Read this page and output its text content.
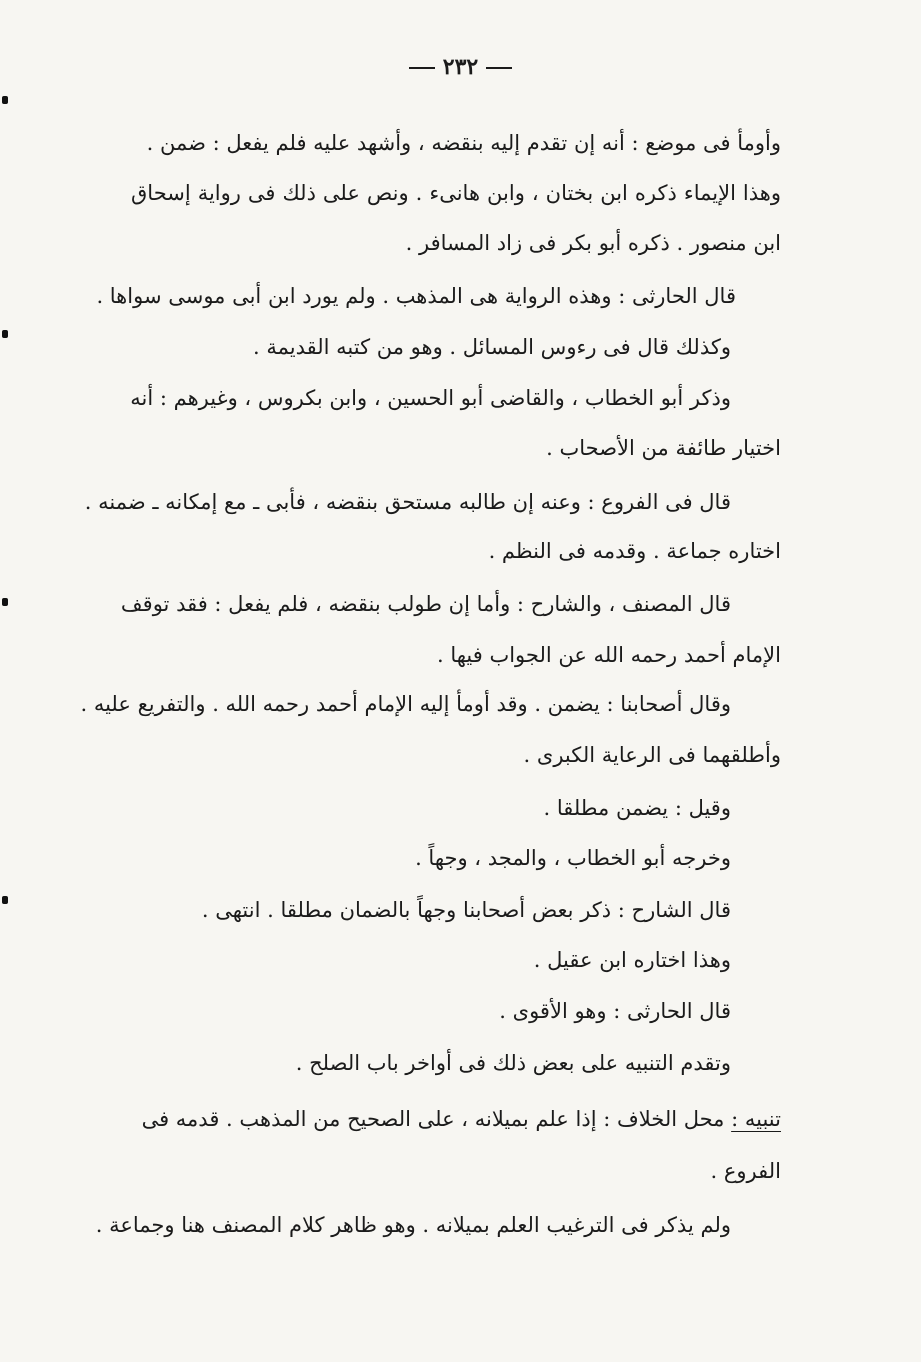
٢٣٢
وأومأ فى موضع : أنه إن تقدم إليه بنقضه ، وأشهد عليه فلم يفعل : ضمن .
وهذا الإيماء ذكره ابن بختان ، وابن هانىء . ونص على ذلك فى رواية إسحاق
ابن منصور . ذكره أبو بكر فى زاد المسافر .
قال الحارثى : وهذه الرواية هى المذهب . ولم يورد ابن أبى موسى سواها .
وكذلك قال فى رءوس المسائل . وهو من كتبه القديمة .
وذكر أبو الخطاب ، والقاضى أبو الحسين ، وابن بكروس ، وغيرهم : أنه
اختيار طائفة من الأصحاب .
قال فى الفروع : وعنه إن طالبه مستحق بنقضه ، فأبى ـ مع إمكانه ـ ضمنه .
اختاره جماعة . وقدمه فى النظم .
قال المصنف ، والشارح : وأما إن طولب بنقضه ، فلم يفعل : فقد توقف
الإمام أحمد رحمه الله عن الجواب فيها .
وقال أصحابنا : يضمن . وقد أومأ إليه الإمام أحمد رحمه الله . والتفريع عليه .
وأطلقهما فى الرعاية الكبرى .
وقيل : يضمن مطلقا .
وخرجه أبو الخطاب ، والمجد ، وجهاً .
قال الشارح : ذكر بعض أصحابنا وجهاً بالضمان مطلقا . انتهى .
وهذا اختاره ابن عقيل .
قال الحارثى : وهو الأقوى .
وتقدم التنبيه على بعض ذلك فى أواخر باب الصلح .
تنبيه : محل الخلاف : إذا علم بميلانه ، على الصحيح من المذهب . قدمه فى
الفروع .
ولم يذكر فى الترغيب العلم بميلانه . وهو ظاهر كلام المصنف هنا وجماعة .
